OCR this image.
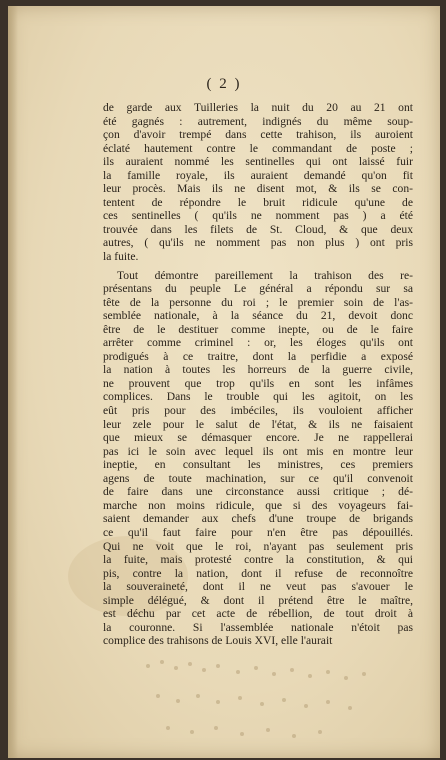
( 2 )

de garde aux Tuilleries la nuit du 20 au 21 ont
été gagnés : autrement, indignés du même soup-
çon d'avoir trempé dans cette trahison, ils auroient
éclaté hautement contre le commandant de poste ;
ils auraient nommé les sentinelles qui ont laissé fuir
la famille royale, ils auraient demandé qu'on fit
leur procès. Mais ils ne disent mot, & ils se con-
tentent de répondre le bruit ridicule qu'une de
ces sentinelles ( qu'ils ne nomment pas ) a été
trouvée dans les filets de St. Cloud, & que deux
autres, ( qu'ils ne nomment pas non plus ) ont pris
la fuite.

Tout démontre pareillement la trahison des re-
présentans du peuple Le général a répondu sur sa
tête de la personne du roi ; le premier soin de l'as-
semblée nationale, à la séance du 21, devoit donc
être de le destituer comme inepte, ou de le faire
arrêter comme criminel : or, les éloges qu'ils ont
prodigués à ce traitre, dont la perfidie a exposé
la nation à toutes les horreurs de la guerre civile,
ne prouvent que trop qu'ils en sont les infâmes
complices. Dans le trouble qui les agitoit, on les
eût pris pour des imbéciles, ils vouloient afficher
leur zele pour le salut de l'état, & ils ne faisaient
que mieux se démasquer encore. Je ne rappellerai
pas ici le soin avec lequel ils ont mis en montre leur
ineptie, en consultant les ministres, ces premiers
agens de toute machination, sur ce qu'il convenoit
de faire dans une circonstance aussi critique ; dé-
marche non moins ridicule, que si des voyageurs fai-
saient demander aux chefs d'une troupe de brigands
ce qu'il faut faire pour n'en être pas dépouillés.
Qui ne voit que le roi, n'ayant pas seulement pris
la fuite, mais protesté contre la constitution, & qui
pis, contre la nation, dont il refuse de reconnoître
la souveraineté, dont il ne veut pas s'avouer le
simple délégué, & dont il prétend être le maître,
est déchu par cet acte de rébellion, de tout droit à
la couronne. Si l'assemblée nationale n'étoit pas
complice des trahisons de Louis XVI, elle l'aurait
